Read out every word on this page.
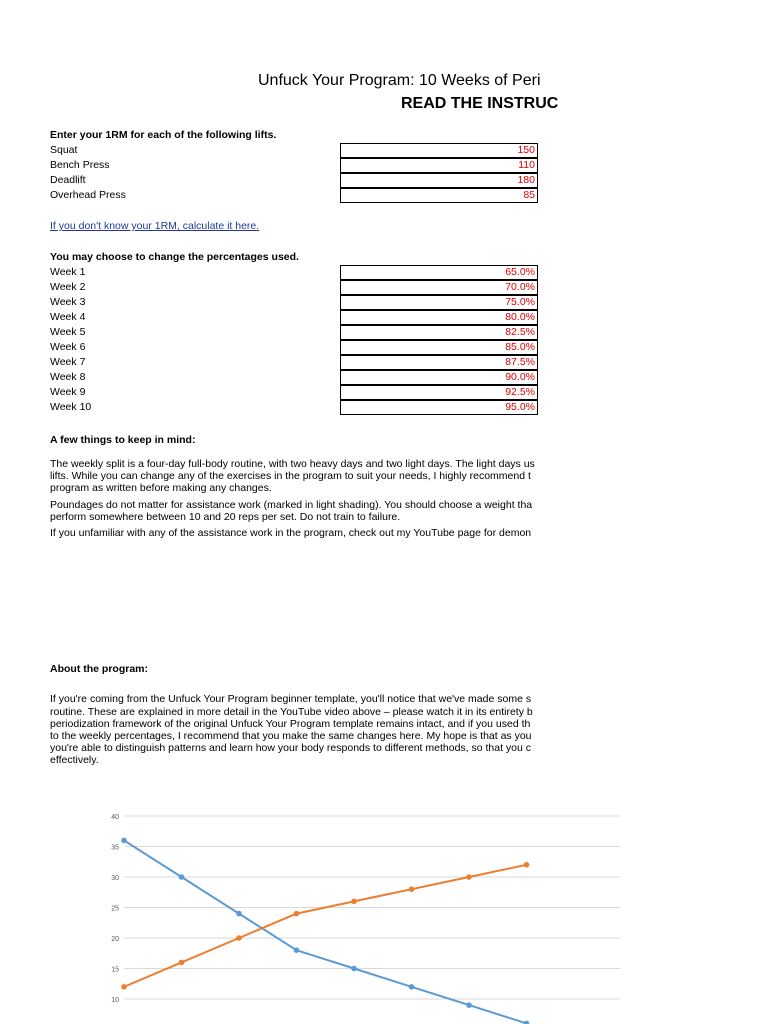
Unfuck Your Program: 10 Weeks of Peri
READ THE INSTRUC
Enter your 1RM for each of the following lifts.
Squat	150
Bench Press	110
Deadlift	180
Overhead Press	85
If you don't know your 1RM, calculate it here.
You may choose to change the percentages used.
Week 1	65.0%
Week 2	70.0%
Week 3	75.0%
Week 4	80.0%
Week 5	82.5%
Week 6	85.0%
Week 7	87.5%
Week 8	90.0%
Week 9	92.5%
Week 10	95.0%
A few things to keep in mind:
The weekly split is a four-day full-body routine, with two heavy days and two light days. The light days us
lifts. While you can change any of the exercises in the program to suit your needs, I highly recommend t
program as written before making any changes.
Poundages do not matter for assistance work (marked in light shading). You should choose a weight tha
perform somewhere between 10 and 20 reps per set. Do not train to failure.
If you unfamiliar with any of the assistance work in the program, check out my YouTube page for demon
About the program:
If you're coming from the Unfuck Your Program beginner template, you'll notice that we've made some s
routine. These are explained in more detail in the YouTube video above – please watch it in its entirety b
periodization framework of the original Unfuck Your Program template remains intact, and if you used th
to the weekly percentages, I recommend that you make the same changes here. My hope is that as you
you're able to distinguish patterns and learn how your body responds to different methods, so that you c
effectively.
40
35
30
25
20
15
10
